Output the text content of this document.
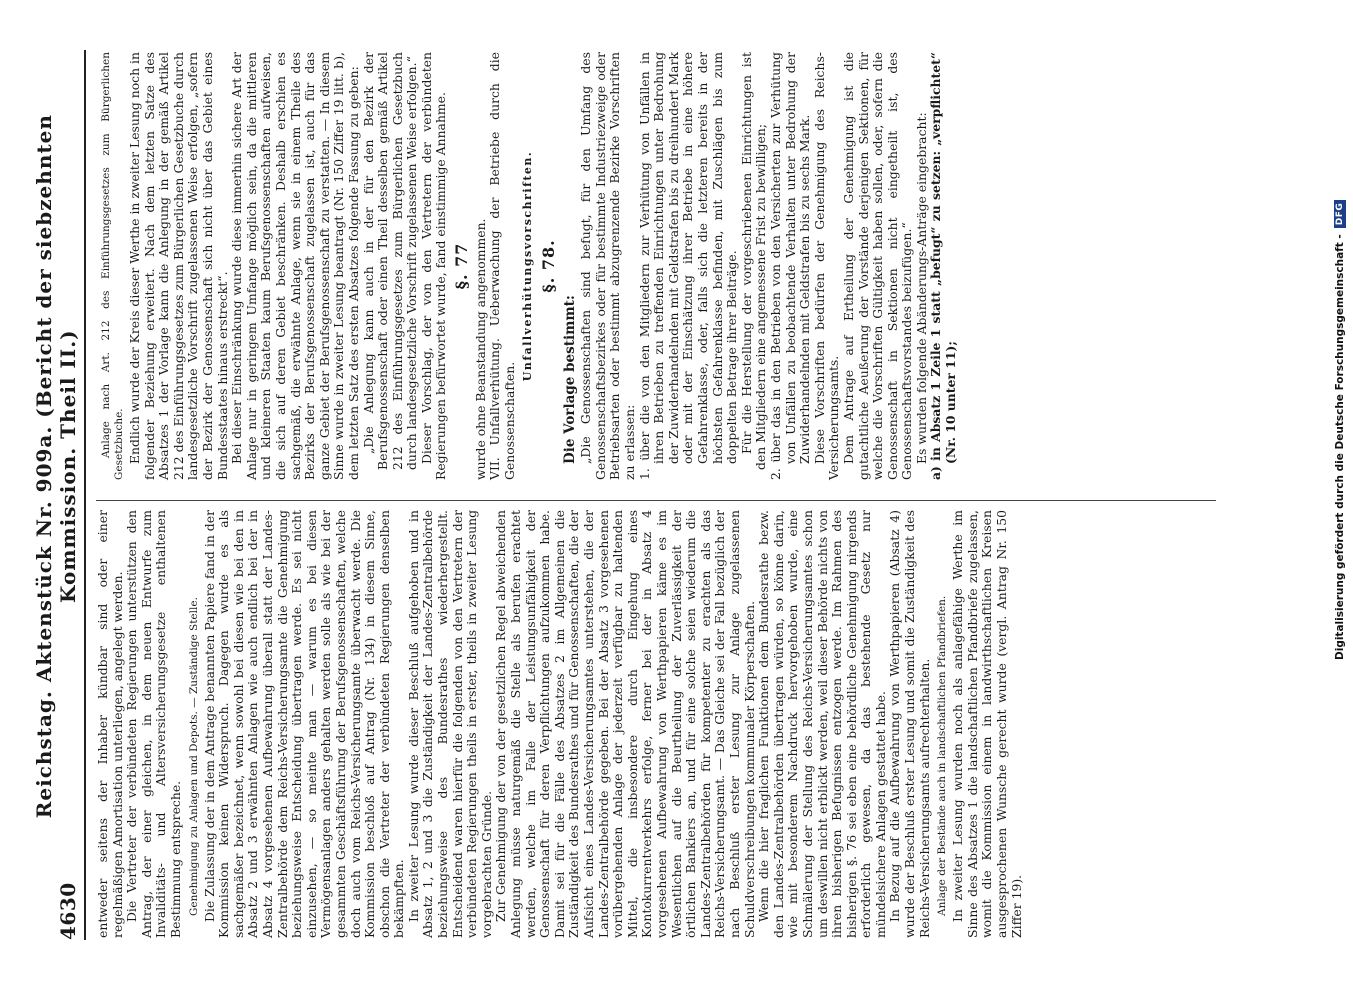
4630
Reichstag. Aktenstück Nr. 909a. (Bericht der siebzehnten Kommission. Theil II.)

entweder seitens der Inhaber kündbar sind oder einer regelmäßigen Amortisation unterliegen, angelegt werden. Die Vertreter der verbündeten Regierungen unterstützen den Antrag, der einer gleichen, in dem neuen Entwurfe zum Invaliditäts- und Altersversicherungsgesetze enthaltenen Bestimmung entspreche. Genehmigung zu Anlagen und Depots. — Zuständige Stelle. Die Zulassung der in dem Antrage benannten Papiere fand in der Kommission keinen Widerspruch. Dagegen wurde es als sachgemäßer bezeichnet, wenn sowohl bei diesen wie bei den in Absatz 2 und 3 erwähnten Anlagen wie auch endlich bei der in Absatz 4 vorgesehenen Aufbewahrung überall statt der Landes-Zentralbehörde dem Reichs-Versicherungsamte die Genehmigung beziehungsweise Entscheidung übertragen werde. Es sei nicht einzusehen, — so meinte man — warum es bei diesen Vermögensanlagen anders gehalten werden solle als wie bei der gesammten Geschäftsführung der Berufsgenossenschaften, welche doch auch vom Reichs-Versicherungsamte überwacht werde. Die Kommission beschloß auf Antrag (Nr. 134) in diesem Sinne, obschon die Vertreter der verbündeten Regierungen denselben bekämpften. In zweiter Lesung wurde dieser Beschluß aufgehoben und in Absatz 1, 2 und 3 die Zuständigkeit der Landes-Zentralbehörde beziehungsweise des Bundesrathes wiederhergestellt. Entscheidend waren hierfür die folgenden von den Vertretern der verbündeten Regierungen theils in erster, theils in zweiter Lesung vorgebrachten Gründe. Zur Genehmigung der von der gesetzlichen Regel abweichenden Anlegung müsse naturgemäß die Stelle als berufen erachtet werden, welche im Falle der Leistungsunfähigkeit der Genossenschaft für deren Verpflichtungen aufzukommen habe. Damit sei für die Fälle des Absatzes 2 im Allgemeinen die Zuständigkeit des Bundesrathes und für Genossenschaften, die der Aufsicht eines Landes-Versicherungsamtes unterstehen, die der Landes-Zentralbehörde gegeben. Bei der Absatz 3 vorgesehenen vorübergehenden Anlage der jederzeit verfügbar zu haltenden Mittel, die insbesondere durch Eingehung eines Kontokurrentverkehrs erfolge, ferner bei der in Absatz 4 vorgesehenen Aufbewahrung von Werthpapieren käme es im Wesentlichen auf die Beurtheilung der Zuverlässigkeit der örtlichen Bankiers an, und für eine solche seien wiederum die Landes-Zentralbehörden für kompetenter zu erachten als das Reichs-Versicherungsamt. — Das Gleiche sei der Fall bezüglich der nach Beschluß erster Lesung zur Anlage zugelassenen Schuldverschreibungen kommunaler Körperschaften. Wenn die hier fraglichen Funktionen dem Bundesrathe bezw. den Landes-Zentralbehörden übertragen würden, so könne darin, wie mit besonderem Nachdruck hervorgehoben wurde, eine Schmälerung der Stellung des Reichs-Versicherungsamtes schon um deswillen nicht erblickt werden, weil dieser Behörde nichts von ihren bisherigen Befugnissen entzogen werde. Im Rahmen des bisherigen §. 76 sei eben eine behördliche Genehmigung nirgends erforderlich gewesen, da das bestehende Gesetz nur mündelsichere Anlagen gestattet habe. In Bezug auf die Aufbewahrung von Werthpapieren (Absatz 4) wurde der Beschluß erster Lesung und somit die Zuständigkeit des Reichs-Versicherungsamts aufrechterhalten. Anlage der Bestände auch in landschaftlichen Pfandbriefen. In zweiter Lesung wurden noch als anlagefähige Werthe im Sinne des Absatzes 1 die landschaftlichen Pfandbriefe zugelassen, womit die Kommission einem in landwirthschaftlichen Kreisen ausgesprochenen Wunsche gerecht wurde (vergl. Antrag Nr. 150 Ziffer 19).

Anlage nach Art. 212 des Einführungsgesetzes zum Bürgerlichen Gesetzbuche. Endlich wurde der Kreis dieser Werthe in zweiter Lesung noch in folgender Beziehung erweitert. Nach dem letzten Satze des Absatzes 1 der Vorlage kann die Anlegung in der gemäß Artikel 212 des Einführungsgesetzes zum Bürgerlichen Gesetzbuche durch landesgesetzliche Vorschrift zugelassenen Weise erfolgen, „sofern der Bezirk der Genossenschaft sich nicht über das Gebiet eines Bundesstaates hinaus erstreckt“. Bei dieser Einschränkung wurde diese immerhin sichere Art der Anlage nur in geringem Umfange möglich sein, da die mittleren und kleineren Staaten kaum Berufsgenossenschaften aufweisen, die sich auf deren Gebiet beschränken. Deshalb erschien es sachgemäß, die erwähnte Anlage, wenn sie in einem Theile des Bezirks der Berufsgenossenschaft zugelassen ist, auch für das ganze Gebiet der Berufsgenossenschaft zu verstatten. — In diesem Sinne wurde in zweiter Lesung beantragt (Nr. 150 Ziffer 19 litt. b), dem letzten Satz des ersten Absatzes folgende Fassung zu geben: „Die Anlegung kann auch in der für den Bezirk der Berufsgenossenschaft oder einen Theil desselben gemäß Artikel 212 des Einführungsgesetzes zum Bürgerlichen Gesetzbuch durch landesgesetzliche Vorschrift zugelassenen Weise erfolgen.“ Dieser Vorschlag, der von den Vertretern der verbündeten Regierungen befürwortet wurde, fand einstimmige Annahme. §. 77 wurde ohne Beanstandung angenommen. VII. Unfallverhütung. Ueberwachung der Betriebe durch die Genossenschaften.

Unfallverhütungsvorschriften. §. 78.

Die Vorlage bestimmt: „Die Genossenschaften sind befugt, für den Umfang des Genossenschaftsbezirkes oder für bestimmte Industriezweige oder Betriebsarten oder bestimmt abzugrenzende Bezirke Vorschriften zu erlassen: 1. über die von den Mitgliedern zur Verhütung von Unfällen in ihren Betrieben zu treffenden Einrichtungen unter Bedrohung der Zuwiderhandelnden mit Geldstrafen bis zu dreihundert Mark oder mit der Einschätzung ihrer Betriebe in eine höhere Gefahrenklasse, oder, falls sich die letzteren bereits in der höchsten Gefahrenklasse befinden, mit Zuschlägen bis zum doppelten Betrage ihrer Beiträge. Für die Herstellung der vorgeschriebenen Einrichtungen ist den Mitgliedern eine angemessene Frist zu bewilligen; 2. über das in den Betrieben von den Versicherten zur Verhütung von Unfällen zu beobachtende Verhalten unter Bedrohung der Zuwiderhandelnden mit Geldstrafen bis zu sechs Mark. Diese Vorschriften bedürfen der Genehmigung des Reichs-Versicherungsamts. Dem Antrage auf Ertheilung der Genehmigung ist die gutachtliche Aeußerung der Vorstände derjenigen Sektionen, für welche die Vorschriften Gültigkeit haben sollen, oder, sofern die Genossenschaft in Sektionen nicht eingetheilt ist, des Genossenschaftsvorstandes beizufügen.“ Es wurden folgende Abänderungs-Anträge eingebracht: a) in Absatz 1 Zeile 1 statt „befugt“ zu setzen: „verpflichtet“ (Nr. 10 unter 11);	Digitalisierung gefördert durch die Deutsche Forschungsgemeinschaft -
DFG
